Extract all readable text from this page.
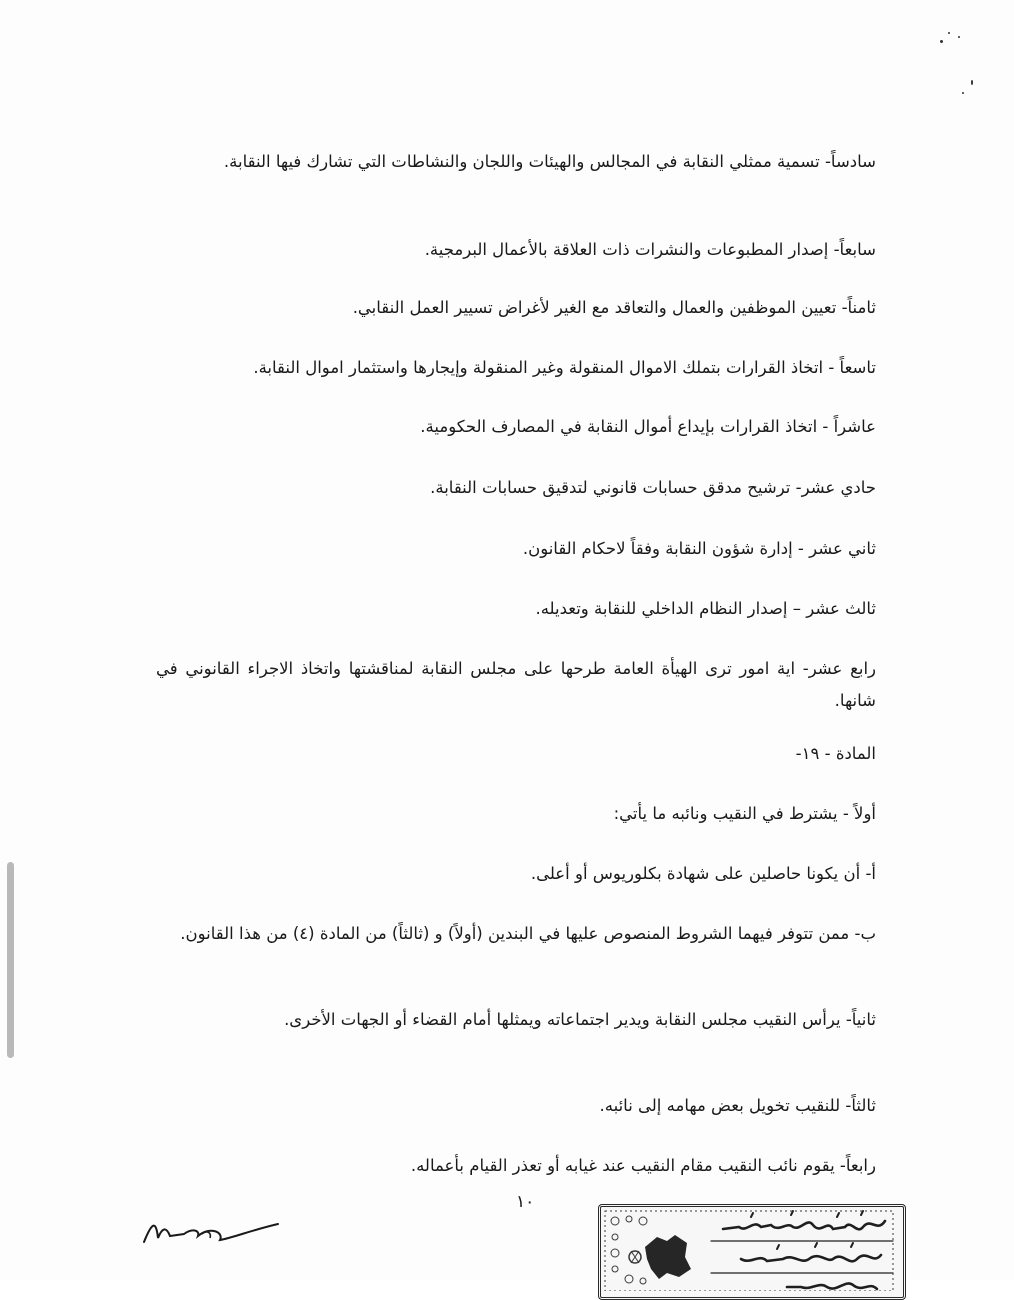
سادساً- تسمية ممثلي النقابة في المجالس والهيئات واللجان والنشاطات التي تشارك فيها النقابة.

سابعاً- إصدار المطبوعات والنشرات ذات العلاقة بالأعمال البرمجية.

ثامناً- تعيين الموظفين والعمال والتعاقد مع الغير لأغراض تسيير العمل النقابي.

تاسعاً - اتخاذ القرارات بتملك الاموال المنقولة وغير المنقولة وإيجارها واستثمار اموال النقابة.

عاشراً - اتخاذ القرارات بإيداع أموال النقابة في المصارف الحكومية.

حادي عشر- ترشيح مدقق حسابات قانوني لتدقيق حسابات النقابة.

ثاني عشر - إدارة شؤون النقابة وفقاً لاحكام القانون.

ثالث عشر – إصدار النظام الداخلي للنقابة وتعديله.

رابع عشر- اية امور ترى الهيأة العامة طرحها على مجلس النقابة لمناقشتها واتخاذ الاجراء القانوني في شانها.

المادة - ١٩-

أولاً - يشترط في النقيب ونائبه ما يأتي:

أ- أن يكونا حاصلين على شهادة بكلوريوس أو أعلى.

ب- ممن تتوفر فيهما الشروط المنصوص عليها في البندين (أولاً) و (ثالثاً) من المادة (٤) من هذا القانون.

ثانياً- يرأس النقيب مجلس النقابة ويدير اجتماعاته ويمثلها أمام القضاء أو الجهات الأخرى.

ثالثاً- للنقيب تخويل بعض مهامه إلى نائبه.

رابعاً- يقوم نائب النقيب مقام النقيب عند غيابه أو تعذر القيام بأعماله.

١٠
